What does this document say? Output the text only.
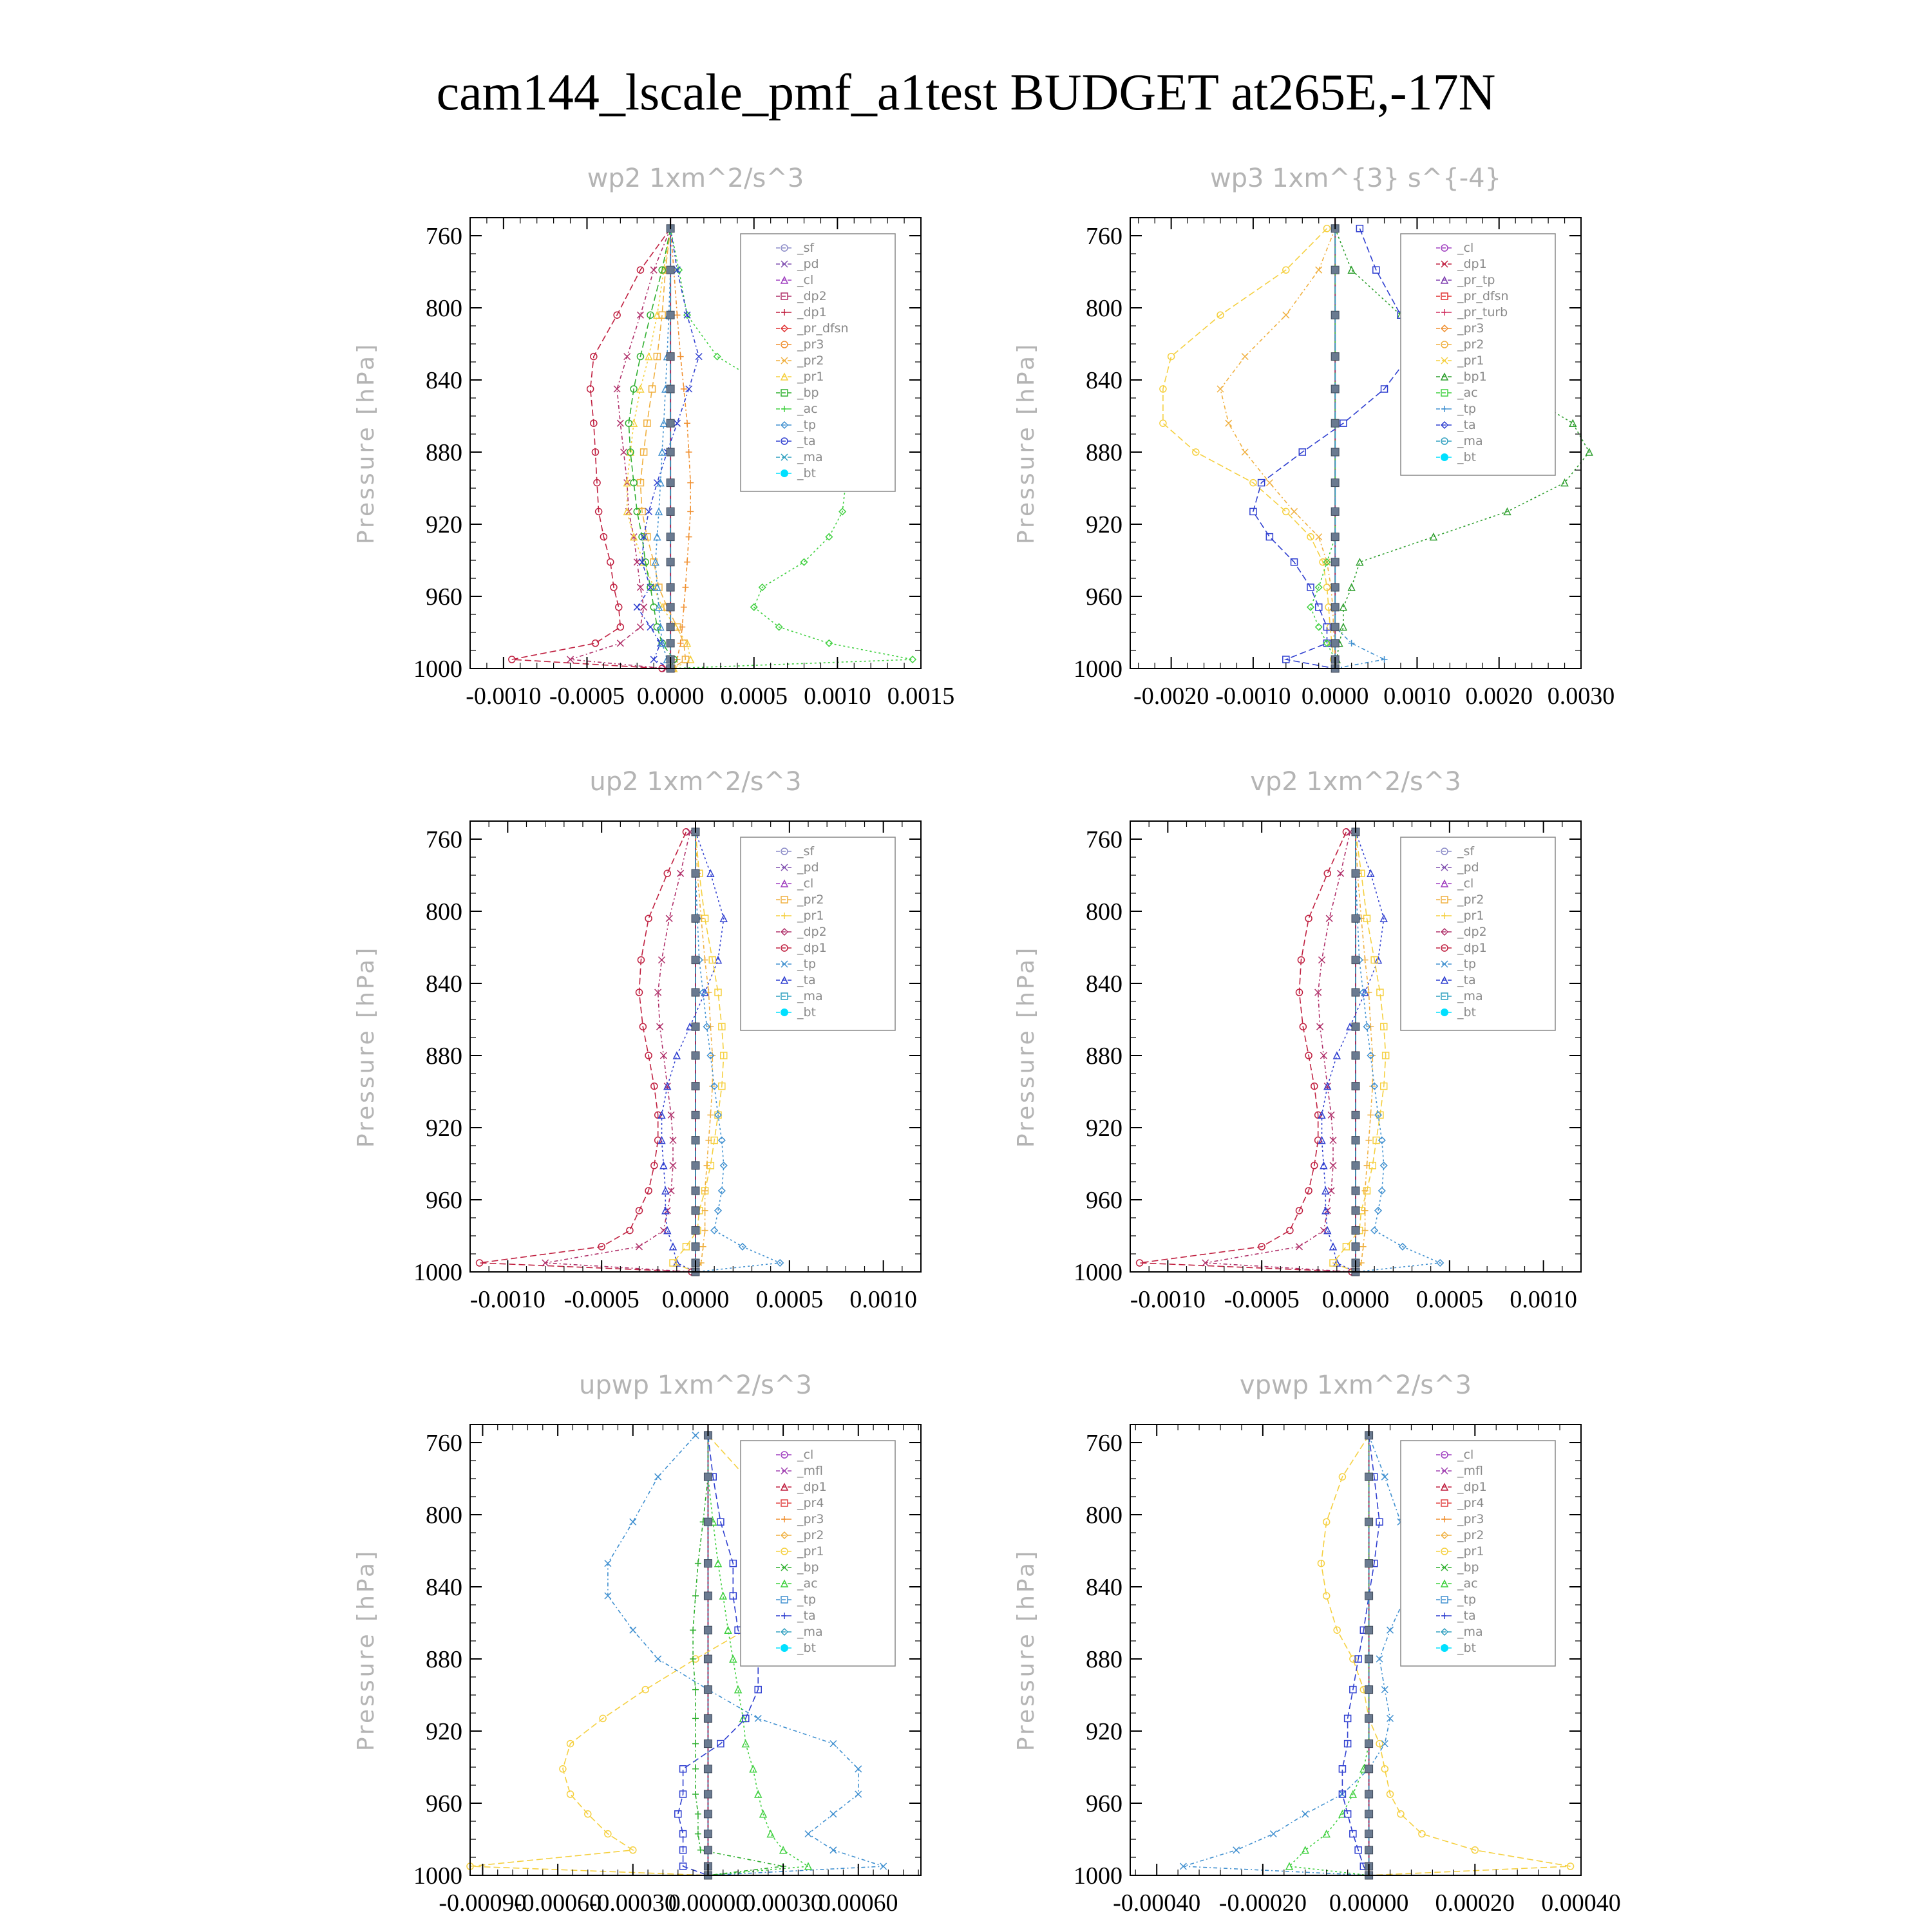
cam144_lscale_pmf_a1test BUDGET at265E,-17N
wp2 1xm^2/s^3
Pressure [hPa]
760
800
840
880
920
960
1000
-0.0010 -0.0005 0.0000 0.0005 0.0010 0.0015
_sf
_pd
_cl
_dp2
_dp1
_pr_dfsn
_pr3
_pr2
_pr1
_bp
_ac
_tp
_ta
_ma
_bt
wp3 1xm^{3} s^{-4}
Pressure [hPa]
760
800
840
880
920
960
1000
-0.0020 -0.0010 0.0000 0.0010 0.0020 0.0030
_cl
_dp1
_pr_tp
_pr_dfsn
_pr_turb
_pr3
_pr2
_pr1
_bp1
_ac
_tp
_ta
_ma
_bt
up2 1xm^2/s^3
Pressure [hPa]
760
800
840
880
920
960
1000
-0.0010 -0.0005 0.0000 0.0005 0.0010
_sf
_pd
_cl
_pr2
_pr1
_dp2
_dp1
_tp
_ta
_ma
_bt
vp2 1xm^2/s^3
Pressure [hPa]
760
800
840
880
920
960
1000
-0.0010 -0.0005 0.0000 0.0005 0.0010
_sf
_pd
_cl
_pr2
_pr1
_dp2
_dp1
_tp
_ta
_ma
_bt
upwp 1xm^2/s^3
Pressure [hPa]
760
800
840
880
920
960
1000
-0.00090
-0.00060
-0.00030
0.00000
0.00030
0.00060
_cl
_mfl
_dp1
_pr4
_pr3
_pr2
_pr1
_bp
_ac
_tp
_ta
_ma
_bt
vpwp 1xm^2/s^3
Pressure [hPa]
760
800
840
880
920
960
1000
-0.00040 -0.00020 0.00000 0.00020 0.00040
_cl
_mfl
_dp1
_pr4
_pr3
_pr2
_pr1
_bp
_ac
_tp
_ta
_ma
_bt
